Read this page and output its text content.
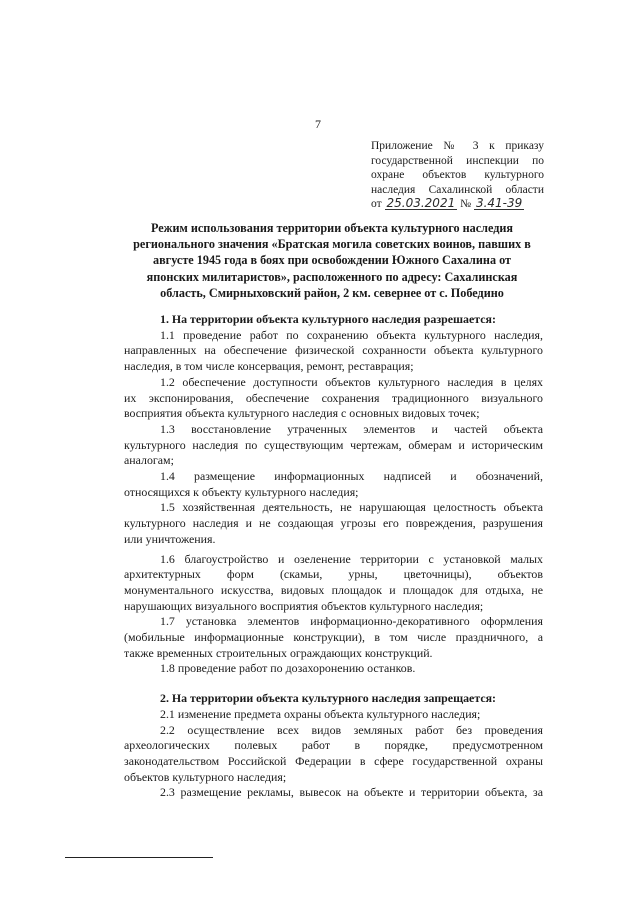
7
Приложение № 3 к приказу
государственной инспекции по
охране объектов культурного
наследия Сахалинской области
от 25.03.2021 № 3.41-39
Режим использования территории объекта культурного наследия
регионального значения «Братская могила советских воинов, павших в
августе 1945 года в боях при освобождении Южного Сахалина от
японских милитаристов», расположенного по адресу: Сахалинская
область, Смирныховский район, 2 км. севернее от с. Победино

1. На территории объекта культурного наследия разрешается:

1.1 проведение работ по сохранению объекта культурного наследия,

направленных на обеспечение физической сохранности объекта культурного

наследия, в том числе консервация, ремонт, реставрация;

1.2 обеспечение доступности объектов культурного наследия в целях

их экспонирования, обеспечение сохранения традиционного визуального

восприятия объекта культурного наследия с основных видовых точек;

1.3 восстановление утраченных элементов и частей объекта

культурного наследия по существующим чертежам, обмерам и историческим

аналогам;

1.4 размещение информационных надписей и обозначений,

относящихся к объекту культурного наследия;

1.5 хозяйственная деятельность, не нарушающая целостность объекта

культурного наследия и не создающая угрозы его повреждения, разрушения

или уничтожения.

1.6 благоустройство и озеленение территории с установкой малых

архитектурных форм (скамьи, урны, цветочницы), объектов

монументального искусства, видовых площадок и площадок для отдыха, не

нарушающих визуального восприятия объектов культурного наследия;

1.7 установка элементов информационно-декоративного оформления

(мобильные информационные конструкции), в том числе праздничного, а

также временных строительных ограждающих конструкций.

1.8 проведение работ по дозахоронению останков.

2. На территории объекта культурного наследия запрещается:

2.1 изменение предмета охраны объекта культурного наследия;

2.2 осуществление всех видов земляных работ без проведения

археологических полевых работ в порядке, предусмотренном

законодательством Российской Федерации в сфере государственной охраны

объектов культурного наследия;

2.3 размещение рекламы, вывесок на объекте и территории объекта, за
